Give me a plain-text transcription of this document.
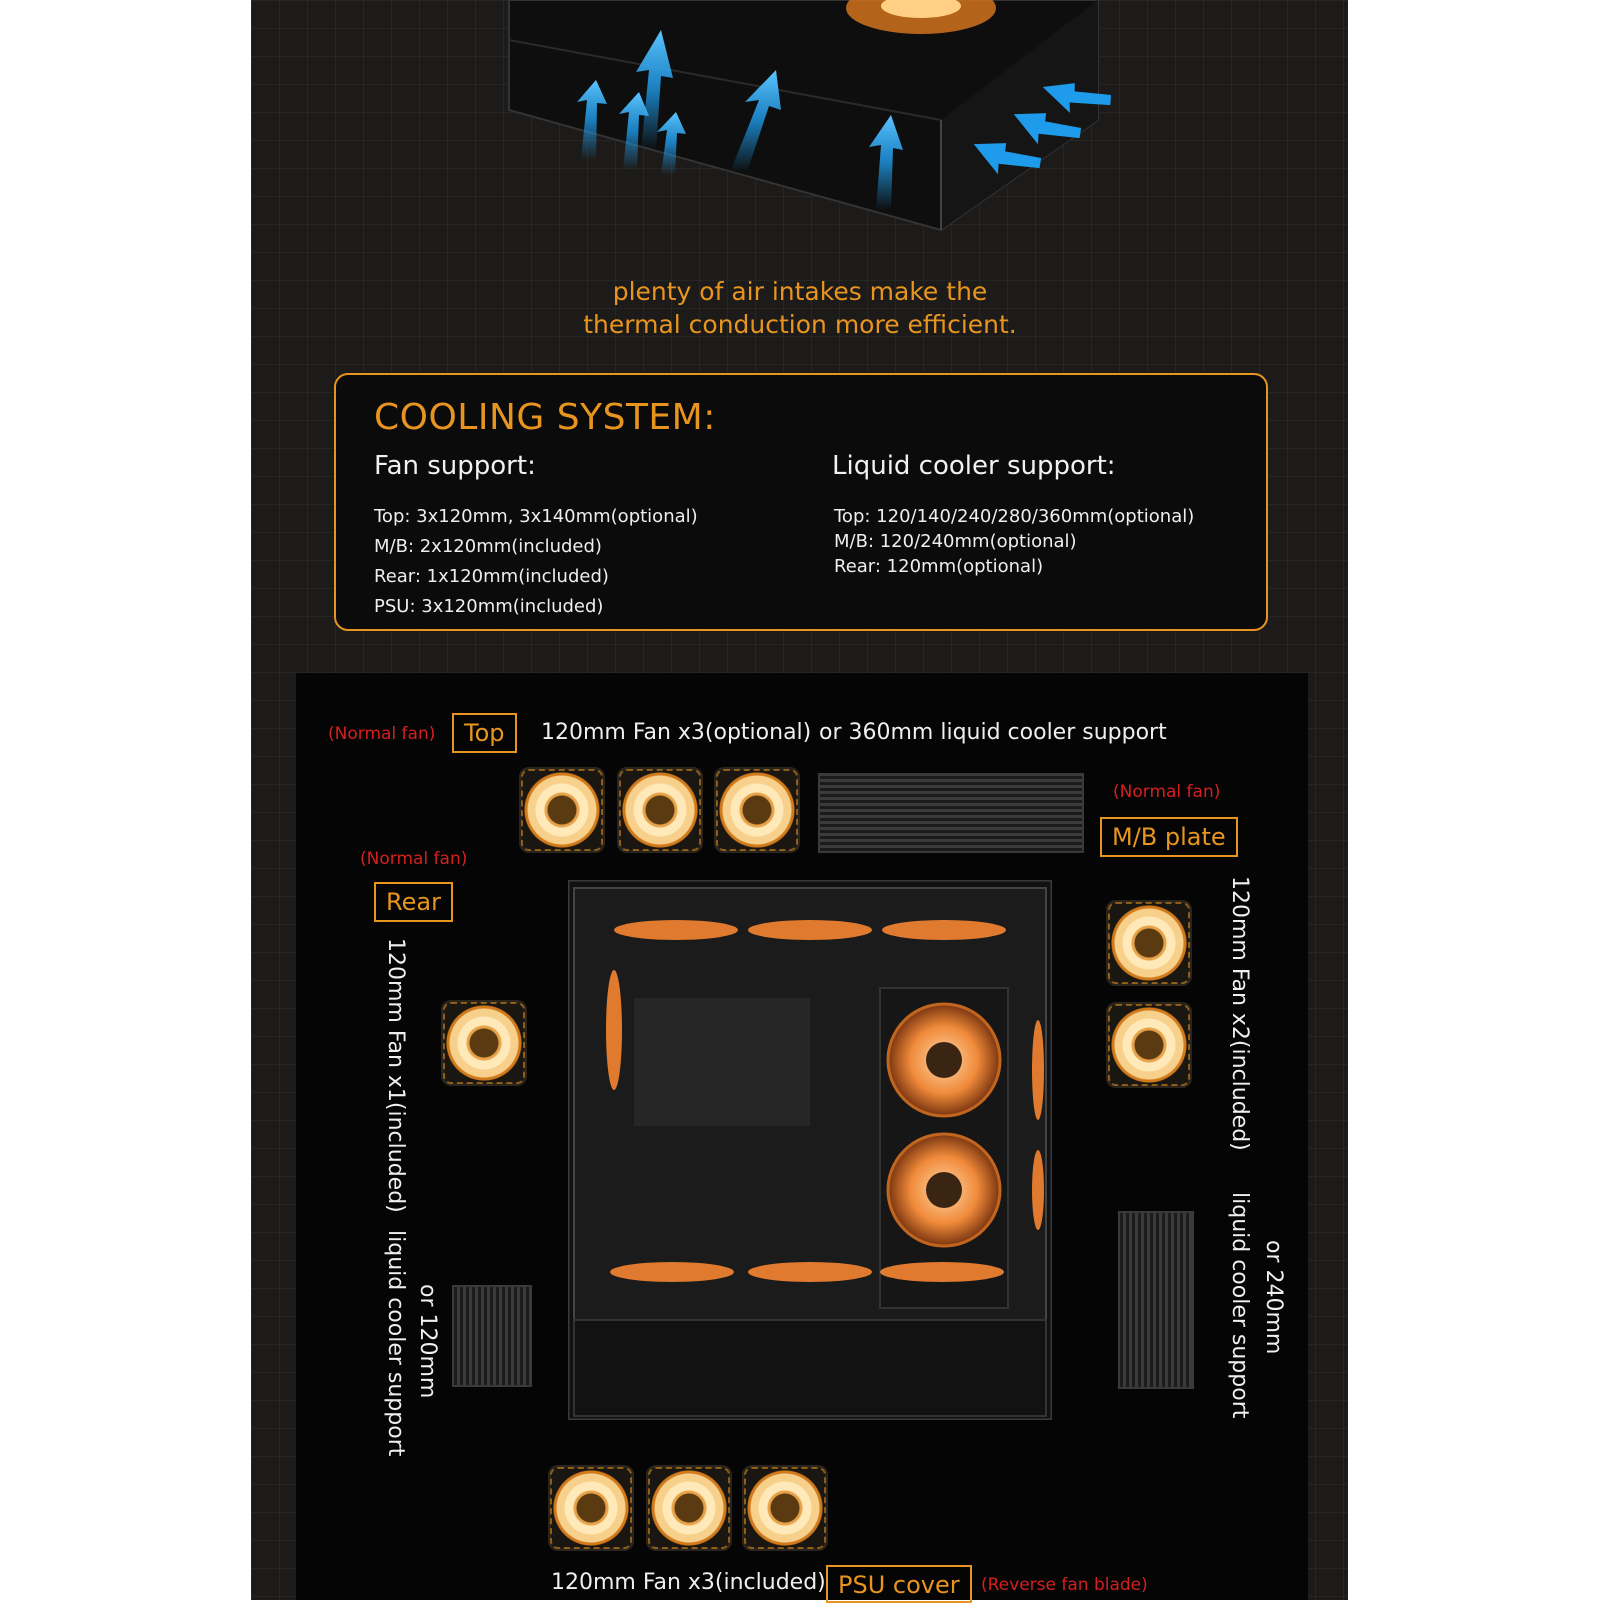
plenty of air intakes make the
thermal conduction more efficient.
COOLING SYSTEM:
Fan support:
Top: 3x120mm, 3x140mm(optional)
M/B: 2x120mm(included)
Rear: 1x120mm(included)
PSU: 3x120mm(included)
Liquid cooler support:
Top: 120/140/240/280/360mm(optional)
M/B: 120/240mm(optional)
Rear: 120mm(optional)
(Normal fan)	Top	120mm Fan x3(optional) or 360mm liquid cooler support
(Normal fan)
M/B plate
120mm Fan x2(included)
or 240mm
liquid cooler support
(Normal fan)
Rear
120mm Fan x1(included)
or 120mm
liquid cooler support
120mm Fan x3(included) PSU cover	(Reverse fan blade)
